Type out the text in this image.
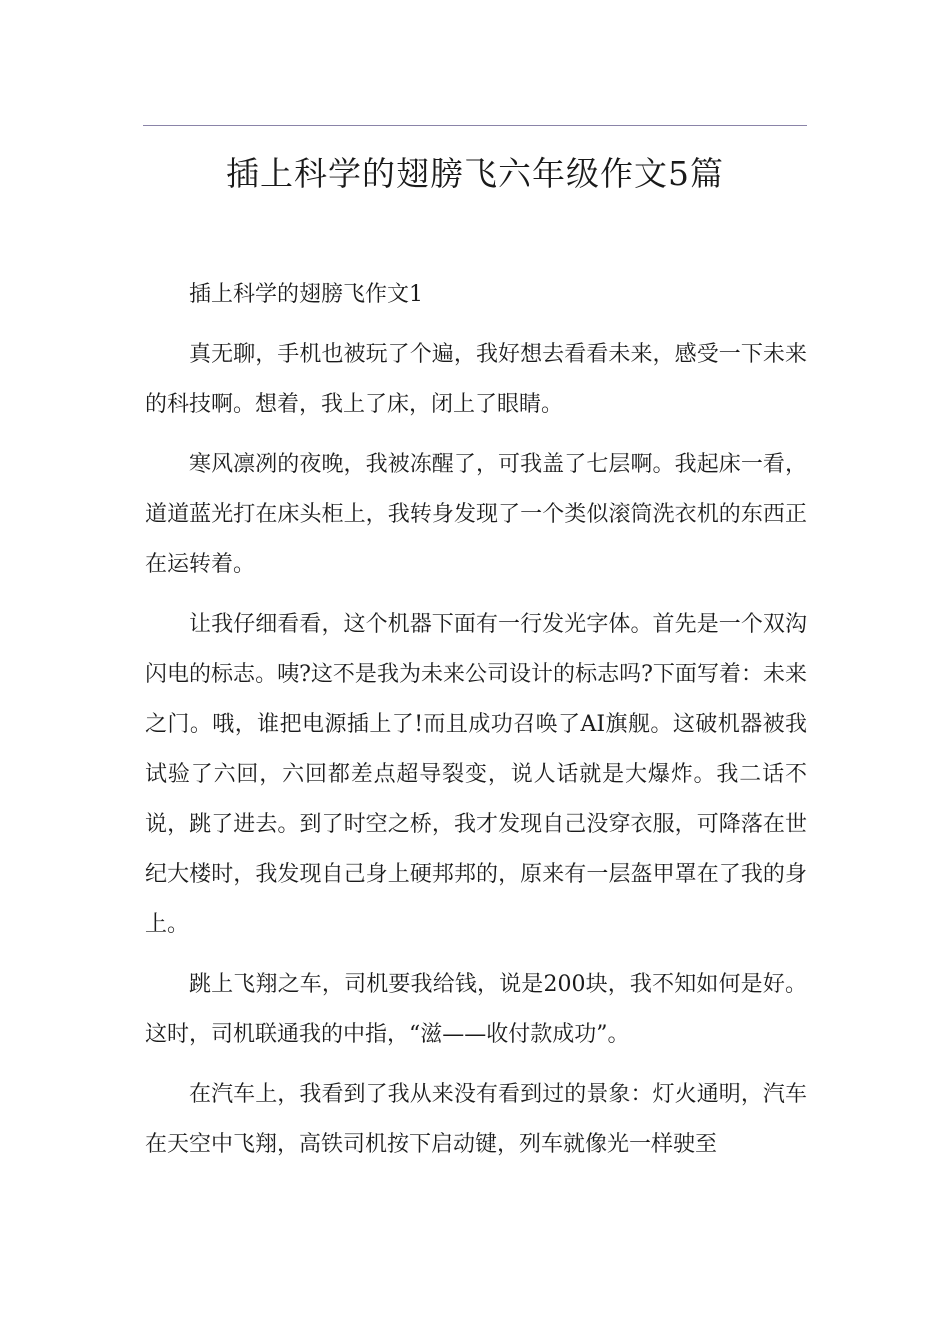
插上科学的翅膀飞六年级作文5篇

插上科学的翅膀飞作文1

真无聊，手机也被玩了个遍，我好想去看看未来，感受一下未来的科技啊。想着，我上了床，闭上了眼睛。

寒风凛冽的夜晚，我被冻醒了，可我盖了七层啊。我起床一看，道道蓝光打在床头柜上，我转身发现了一个类似滚筒洗衣机的东西正在运转着。

让我仔细看看，这个机器下面有一行发光字体。首先是一个双沟闪电的标志。咦?这不是我为未来公司设计的标志吗?下面写着：未来之门。哦，谁把电源插上了!而且成功召唤了AI旗舰。这破机器被我试验了六回，六回都差点超导裂变，说人话就是大爆炸。我二话不说，跳了进去。到了时空之桥，我才发现自己没穿衣服，可降落在世纪大楼时，我发现自己身上硬邦邦的，原来有一层盔甲罩在了我的身上。

跳上飞翔之车，司机要我给钱，说是200块，我不知如何是好。这时，司机联通我的中指，“滋——收付款成功”。

在汽车上，我看到了我从来没有看到过的景象：灯火通明，汽车在天空中飞翔，高铁司机按下启动键，列车就像光一样驶至
